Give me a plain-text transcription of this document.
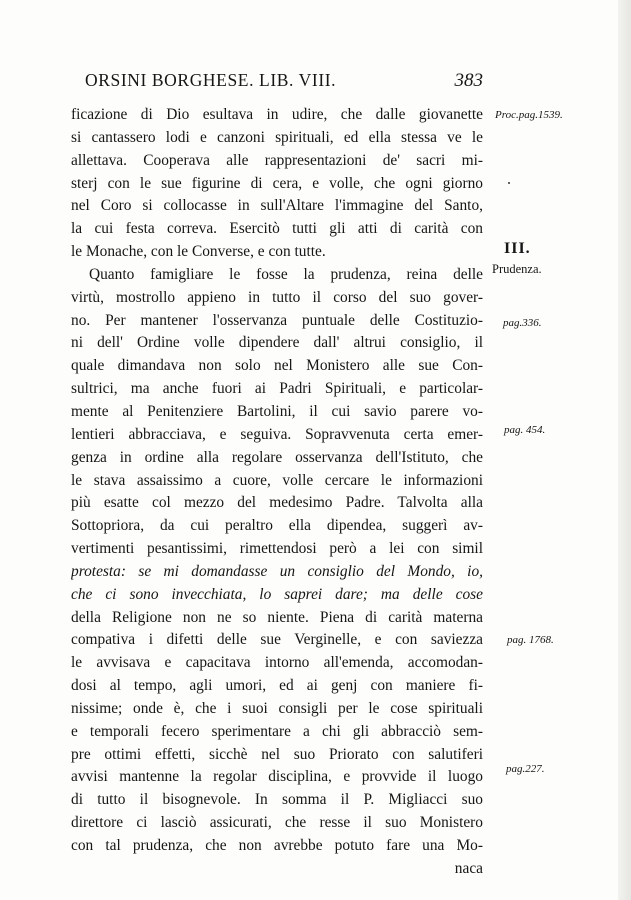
ORSINI BORGHESE. LIB. VIII.	383
ficazione di Dio esultava in udire, che dalle giovanette
si cantassero lodi e canzoni spirituali, ed ella stessa ve le
allettava. Cooperava alle rappresentazioni de' sacri mi-
sterj con le sue figurine di cera, e volle, che ogni giorno
nel Coro si collocasse in sull'Altare l'immagine del Santo,
la cui festa correva. Esercitò tutti gli atti di carità con
le Monache, con le Converse, e con tutte.
Quanto famigliare le fosse la prudenza, reina delle
virtù, mostrollo appieno in tutto il corso del suo gover-
no. Per mantener l'osservanza puntuale delle Costituzio-
ni dell' Ordine volle dipendere dall' altrui consiglio, il
quale dimandava non solo nel Monistero alle sue Con-
sultrici, ma anche fuori ai Padri Spirituali, e particolar-
mente al Penitenziere Bartolini, il cui savio parere vo-
lentieri abbracciava, e seguiva. Sopravvenuta certa emer-
genza in ordine alla regolare osservanza dell'Istituto, che
le stava assaissimo a cuore, volle cercare le informazioni
più esatte col mezzo del medesimo Padre. Talvolta alla
Sottopriora, da cui peraltro ella dipendea, suggerì av-
vertimenti pesantissimi, rimettendosi però a lei con simil
protesta: se mi domandasse un consiglio del Mondo, io,
che ci sono invecchiata, lo saprei dare; ma delle cose
della Religione non ne so niente. Piena di carità materna
compativa i difetti delle sue Verginelle, e con saviezza
le avvisava e capacitava intorno all'emenda, accomodan-
dosi al tempo, agli umori, ed ai genj con maniere fi-
nissime; onde è, che i suoi consigli per le cose spirituali
e temporali fecero sperimentare a chi gli abbracciò sem-
pre ottimi effetti, sicchè nel suo Priorato con salutiferi
avvisi mantenne la regolar disciplina, e provvide il luogo
di tutto il bisognevole. In somma il P. Migliacci suo
direttore ci lasciò assicurati, che resse il suo Monistero
con tal prudenza, che non avrebbe potuto fare una Mo-
naca
Proc.pag.1539.
III.
Prudenza.
pag.336.
pag. 454.
pag. 1768.
pag.227.
